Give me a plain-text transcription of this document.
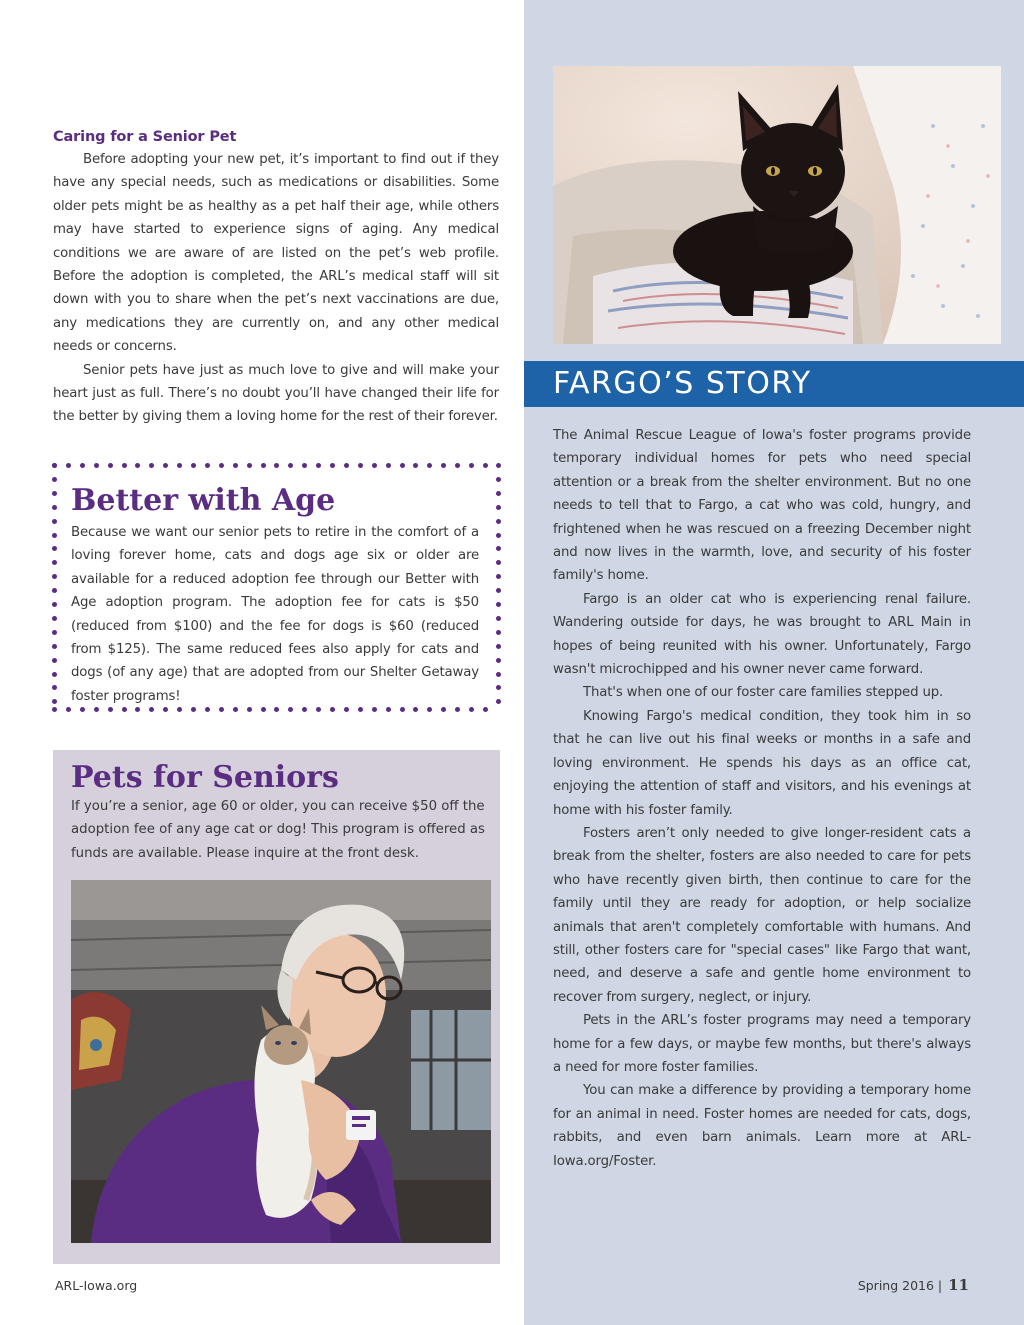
FARGO’S STORY

The Animal Rescue League of Iowa's foster programs provide temporary individual homes for pets who need special attention or a break from the shelter environment. But no one needs to tell that to Fargo, a cat who was cold, hungry, and frightened when he was rescued on a freezing December night and now lives in the warmth, love, and security of his foster family's home.

Fargo is an older cat who is experiencing renal failure. Wandering outside for days, he was brought to ARL Main in hopes of being reunited with his owner. Unfortunately, Fargo wasn't microchipped and his owner never came forward.

That's when one of our foster care families stepped up.

Knowing Fargo's medical condition, they took him in so that he can live out his final weeks or months in a safe and loving environment. He spends his days as an office cat, enjoying the attention of staff and visitors, and his evenings at home with his foster family.

Fosters aren’t only needed to give longer-resident cats a break from the shelter, fosters are also needed to care for pets who have recently given birth, then continue to care for the family until they are ready for adoption, or help socialize animals that aren't completely comfortable with humans. And still, other fosters care for "special cases" like Fargo that want, need, and deserve a safe and gentle home environment to recover from surgery, neglect, or injury.

Pets in the ARL’s foster programs may need a temporary home for a few days, or maybe few months, but there's always a need for more foster families.

You can make a difference by providing a temporary home for an animal in need. Foster homes are needed for cats, dogs, rabbits, and even barn animals. Learn more at ARL-Iowa.org/Foster.

Caring for a Senior Pet

Before adopting your new pet, it’s important to find out if they have any special needs, such as medications or disabilities. Some older pets might be as healthy as a pet half their age, while others may have started to experience signs of aging. Any medical conditions we are aware of are listed on the pet’s web profile. Before the adoption is completed, the ARL’s medical staff will sit down with you to share when the pet’s next vaccinations are due, any medications they are currently on, and any other medical needs or concerns.

Senior pets have just as much love to give and will make your heart just as full. There’s no doubt you’ll have changed their life for the better by giving them a loving home for the rest of their forever.

Better with Age

Because we want our senior pets to retire in the comfort of a loving forever home, cats and dogs age six or older are available for a reduced adoption fee through our Better with Age adoption program. The adoption fee for cats is $50 (reduced from $100) and the fee for dogs is $60 (reduced from $125). The same reduced fees also apply for cats and dogs (of any age) that are adopted from our Shelter Getaway foster programs!

Pets for Seniors

If you’re a senior, age 60 or older, you can receive $50 off the adoption fee of any age cat or dog! This program is offered as funds are available. Please inquire at the front desk.

ARL-Iowa.org	Spring 2016 | 11
